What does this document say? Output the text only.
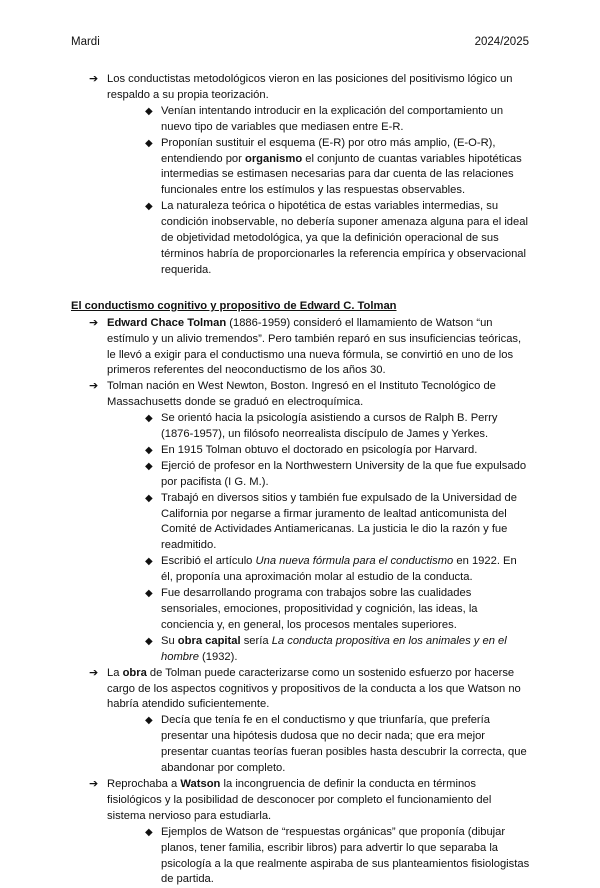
Mardi	2024/2025
➔ Los conductistas metodológicos vieron en las posiciones del positivismo lógico un respaldo a su propia teorización.
◆ Venían intentando introducir en la explicación del comportamiento un nuevo tipo de variables que mediasen entre E-R.
◆ Proponían sustituir el esquema (E-R) por otro más amplio, (E-O-R), entendiendo por organismo el conjunto de cuantas variables hipotéticas intermedias se estimasen necesarias para dar cuenta de las relaciones funcionales entre los estímulos y las respuestas observables.
◆ La naturaleza teórica o hipotética de estas variables intermedias, su condición inobservable, no debería suponer amenaza alguna para el ideal de objetividad metodológica, ya que la definición operacional de sus términos habría de proporcionarles la referencia empírica y observacional requerida.
El conductismo cognitivo y propositivo de Edward C. Tolman
➔ Edward Chace Tolman (1886-1959) consideró el llamamiento de Watson “un estímulo y un alivio tremendos”. Pero también reparó en sus insuficiencias teóricas, le llevó a exigir para el conductismo una nueva fórmula, se convirtió en uno de los primeros referentes del neoconductismo de los años 30.
➔ Tolman nación en West Newton, Boston. Ingresó en el Instituto Tecnológico de Massachusetts donde se graduó en electroquímica.
◆ Se orientó hacia la psicología asistiendo a cursos de Ralph B. Perry (1876-1957), un filósofo neorrealista discípulo de James y Yerkes.
◆ En 1915 Tolman obtuvo el doctorado en psicología por Harvard.
◆ Ejerció de profesor en la Northwestern University de la que fue expulsado por pacifista (I G. M.).
◆ Trabajó en diversos sitios y también fue expulsado de la Universidad de California por negarse a firmar juramento de lealtad anticomunista del Comité de Actividades Antiamericanas. La justicia le dio la razón y fue readmitido.
◆ Escribió el artículo Una nueva fórmula para el conductismo en 1922. En él, proponía una aproximación molar al estudio de la conducta.
◆ Fue desarrollando programa con trabajos sobre las cualidades sensoriales, emociones, propositividad y cognición, las ideas, la conciencia y, en general, los procesos mentales superiores.
◆ Su obra capital sería La conducta propositiva en los animales y en el hombre (1932).
➔ La obra de Tolman puede caracterizarse como un sostenido esfuerzo por hacerse cargo de los aspectos cognitivos y propositivos de la conducta a los que Watson no habría atendido suficientemente.
◆ Decía que tenía fe en el conductismo y que triunfaría, que prefería presentar una hipótesis dudosa que no decir nada; que era mejor presentar cuantas teorías fueran posibles hasta descubrir la correcta, que abandonar por completo.
➔ Reprochaba a Watson la incongruencia de definir la conducta en términos fisiológicos y la posibilidad de desconocer por completo el funcionamiento del sistema nervioso para estudiarla.
◆ Ejemplos de Watson de “respuestas orgánicas” que proponía (dibujar planos, tener familia, escribir libros) para advertir lo que separaba la psicología a la que realmente aspiraba de sus planteamientos fisiologistas de partida.
